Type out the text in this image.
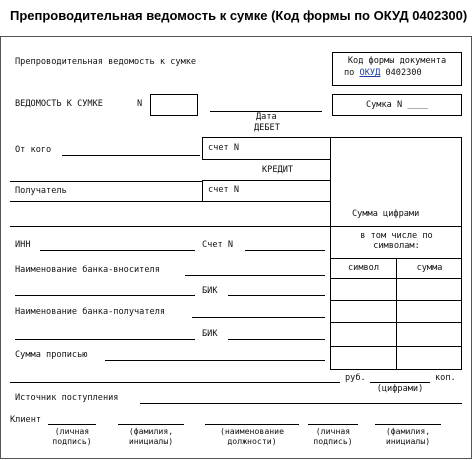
Препроводительная ведомость к сумке (Код формы по ОКУД 0402300)
Препроводительная ведомость к сумке	Код формы документа
по ОКУД 0402300
ВЕДОМОСТЬ К СУМКЕ	N
Дата
Сумка N ____
ДЕБЕТ
От кого	счет N
КРЕДИТ
Получатель	счет N
Сумма цифрами
ИНН	Счет N
в том числе по
символам:
символ	сумма
Наименование банка-вносителя
БИК
Наименование банка-получателя
БИК
Сумма прописью
руб.	коп.
(цифрами)
Источник поступления
Клиент
(личная
подпись)
(фамилия,
инициалы)
(наименование
должности)
(личная
подпись)
(фамилия,
инициалы)
